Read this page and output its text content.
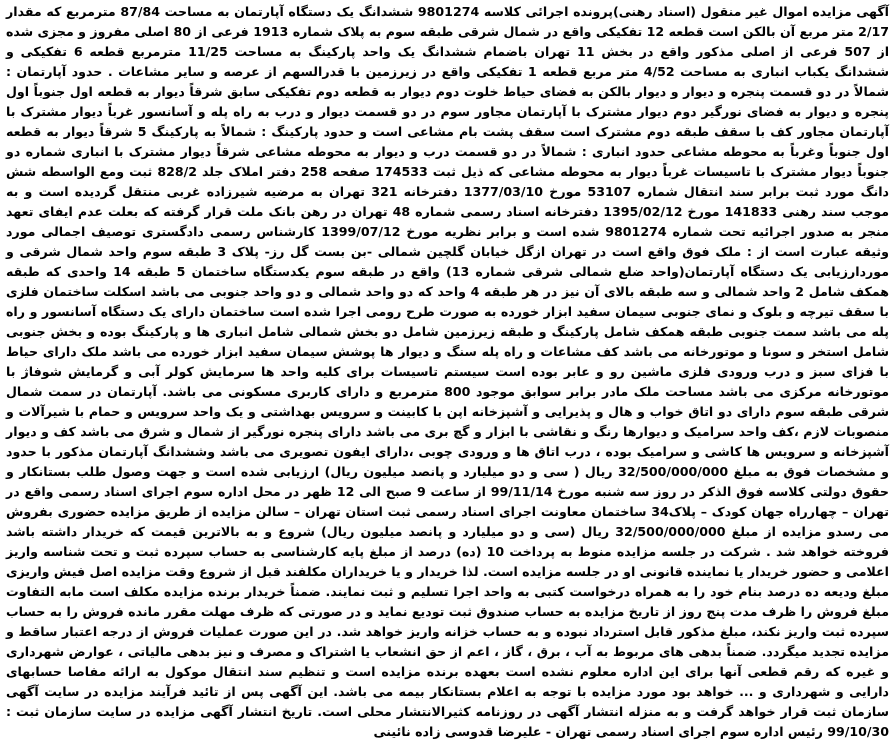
آگهی مزایده اموال غیر منقول (اسناد رهنی)پرونده اجرائی کلاسه 9801274 ششدانگ یک دستگاه آپارتمان به مساحت 87/84 مترمربع که مقدار 2/17 متر مربع آن بالکن است قطعه 12 تفکیکی واقع در شمال شرقی طبقه سوم به پلاک شماره 1913 فرعی از 80 اصلی مفروز و مجزی شده از 507 فرعی از اصلی مذکور واقع در بخش 11 تهران باضمام ششدانگ یک واحد پارکینگ به مساحت 11/25 مترمربع قطعه 6 تفکیکی و ششدانگ یکباب انباری به مساحت 4/52 متر مربع قطعه 1 تفکیکی واقع در زیرزمین با قدرالسهم از عرصه و سایر مشاعات . حدود آپارتمان : شمالاً در دو قسمت پنجره و دیوار و دیوار بالکن به فضای حیاط خلوت دوم دیوار به قطعه دوم تفکیکی سابق شرقاً دیوار به قطعه اول جنوباً اول پنجره و دیوار به فضای نورگیر دوم دیوار مشترک با آپارتمان مجاور سوم در دو قسمت دیوار و درب به راه پله و آسانسور غرباً دیوار مشترک با آپارتمان مجاور کف با سقف طبقه دوم مشترک است سقف پشت بام مشاعی است و حدود پارکینگ : شمالاً به پارکینگ 5 شرقاً دیوار به قطعه اول جنوباً وغرباً به محوطه مشاعی حدود انباری : شمالاً در دو قسمت درب و دیوار به محوطه مشاعی شرقاً دیوار مشترک با انباری شماره دو جنوباً دیوار مشترک با تاسیسات غرباً دیوار به محوطه مشاعی که ذیل ثبت 174533 صفحه 258 دفتر املاک جلد 828/2 ثبت ومع الواسطه شش دانگ مورد ثبت برابر سند انتقال شماره 53107 مورخ 1377/03/10 دفترخانه 321 تهران به مرضیه شیرزاده غربی منتقل گردیده است و به موجب سند رهنی 141833 مورخ 1395/02/12 دفترخانه اسناد رسمی شماره 48 تهران در رهن بانک ملت قرار گرفته که بعلت عدم ایفای تعهد منجر به صدور اجرائیه تحت شماره 9801274 شده است و برابر نظریه مورخ 1399/07/12 کارشناس رسمی دادگستری توصیف اجمالی مورد وثیقه عبارت است از : ملک فوق واقع است در تهران ازگل خیابان گلچین شمالی -بن بست گل رز- پلاک 3 طبقه سوم واحد شمال شرقی و موردارزیابی یک دستگاه آپارتمان(واحد ضلع شمالی شرقی شماره 13) واقع در طبقه سوم یکدستگاه ساختمان 5 طبقه 14 واحدی که طبقه همکف شامل 2 واحد شمالی و سه طبقه بالای آن نیز در هر طبقه 4 واحد که دو واحد شمالی و دو واحد جنوبی می باشد اسکلت ساختمان فلزی با سقف تیرچه و بلوک و نمای جنوبی سیمان سفید ابزار خورده به صورت طرح رومی اجرا شده است ساختمان دارای یک دستگاه آسانسور و راه پله می باشد سمت جنوبی طبقه همکف شامل پارکینگ و طبقه زیرزمین شامل دو بخش شمالی شامل انباری ها و پارکینگ بوده و بخش جنوبی شامل استخر و سونا و موتورخانه می باشد کف مشاعات و راه پله سنگ و دیوار ها پوشش سیمان سفید ابزار خورده می باشد ملک دارای حیاط با فزای سبز و درب ورودی فلزی ماشین رو و عابر بوده است سیستم تاسیسات برای کلیه واحد ها سرمایش کولر آبی و گرمایش شوفاژ با موتورخانه مرکزی می باشد مساحت ملک مادر برابر سوابق موجود 800 مترمربع و دارای کاربری مسکونی می باشد. آپارتمان در سمت شمال شرقی طبقه سوم دارای دو اتاق خواب و هال و پذیرایی و آشپزخانه اپن با کابینت و سرویس بهداشتی و یک واحد سرویس و حمام با شیرآلات و منصوبات لازم ،کف واحد سرامیک و دیوارها رنگ و نقاشی با ابزار و گچ بری می باشد دارای پنجره نورگیر از شمال و شرق می باشد کف و دیوار آشپزخانه و سرویس ها کاشی و سرامیک بوده ، درب اتاق ها و ورودی چوبی ،دارای ایفون تصویری می باشد وششدانگ آپارتمان مذکور با حدود و مشخصات فوق به مبلغ 32/500/000/000 ریال ( سی و دو میلیارد و پانصد میلیون ریال) ارزیابی شده است و جهت وصول طلب بستانکار و حقوق دولتی کلاسه فوق الذکر در روز سه شنبه مورخ 99/11/14 از ساعت 9 صبح الی 12 ظهر در محل اداره سوم اجرای اسناد رسمی واقع در تهران – چهارراه جهان کودک – پلاک34 ساختمان معاونت اجرای اسناد رسمی ثبت استان تهران – سالن مزایده از طریق مزایده حضوری بفروش می رسدو مزایده از مبلغ 32/500/000/000 ریال (سی و دو میلیارد و پانصد میلیون ریال) شروع و به بالاترین قیمت که خریدار داشته باشد فروخته خواهد شد . شرکت در جلسه مزایده منوط به پرداخت 10 (ده) درصد از مبلغ پایه کارشناسی به حساب سپرده ثبت و تحت شناسه واریز اعلامی و حضور خریدار یا نماینده قانونی او در جلسه مزایده است. لذا خریدار و یا خریداران مکلفند قبل از شروع وقت مزایده اصل فیش واریزی مبلغ ودیعه ده درصد بنام خود را به همراه درخواست کتبی به واحد اجرا تسلیم و ثبت نمایند. ضمناً خریدار برنده مزایده مکلف است مابه التفاوت مبلغ فروش را ظرف مدت پنج روز از تاریخ مزایده به حساب صندوق ثبت تودیع نماید و در صورتی که ظرف مهلت مقرر مانده فروش را به حساب سپرده ثبت واریز نکند، مبلغ مذکور قابل استرداد نبوده و به حساب خزانه واریز خواهد شد. در این صورت عملیات فروش از درجه اعتبار ساقط و مزایده تجدید میگردد. ضمناً بدهی های مربوط به آب ، برق ، گاز ، اعم از حق انشعاب یا اشتراک و مصرف و نیز بدهی مالیاتی ، عوارض شهرداری و غیره که رقم قطعی آنها برای این اداره معلوم نشده است بعهده برنده مزایده است و تنظیم سند انتقال موکول به ارائه مفاصا حسابهای دارایی و شهرداری و ... خواهد بود مورد مزایده با توجه به اعلام بستانکار بیمه می باشد. این آگهی پس از تائید فرآیند مزایده در سایت آگهی سازمان ثبت قرار خواهد گرفت و به منزله انتشار آگهی در روزنامه کثیرالانتشار محلی است. تاریخ انتشار آگهی مزایده در سایت سازمان ثبت : 99/10/30 رئیس اداره سوم اجرای اسناد رسمی تهران - علیرضا قدوسی زاده نائینی
